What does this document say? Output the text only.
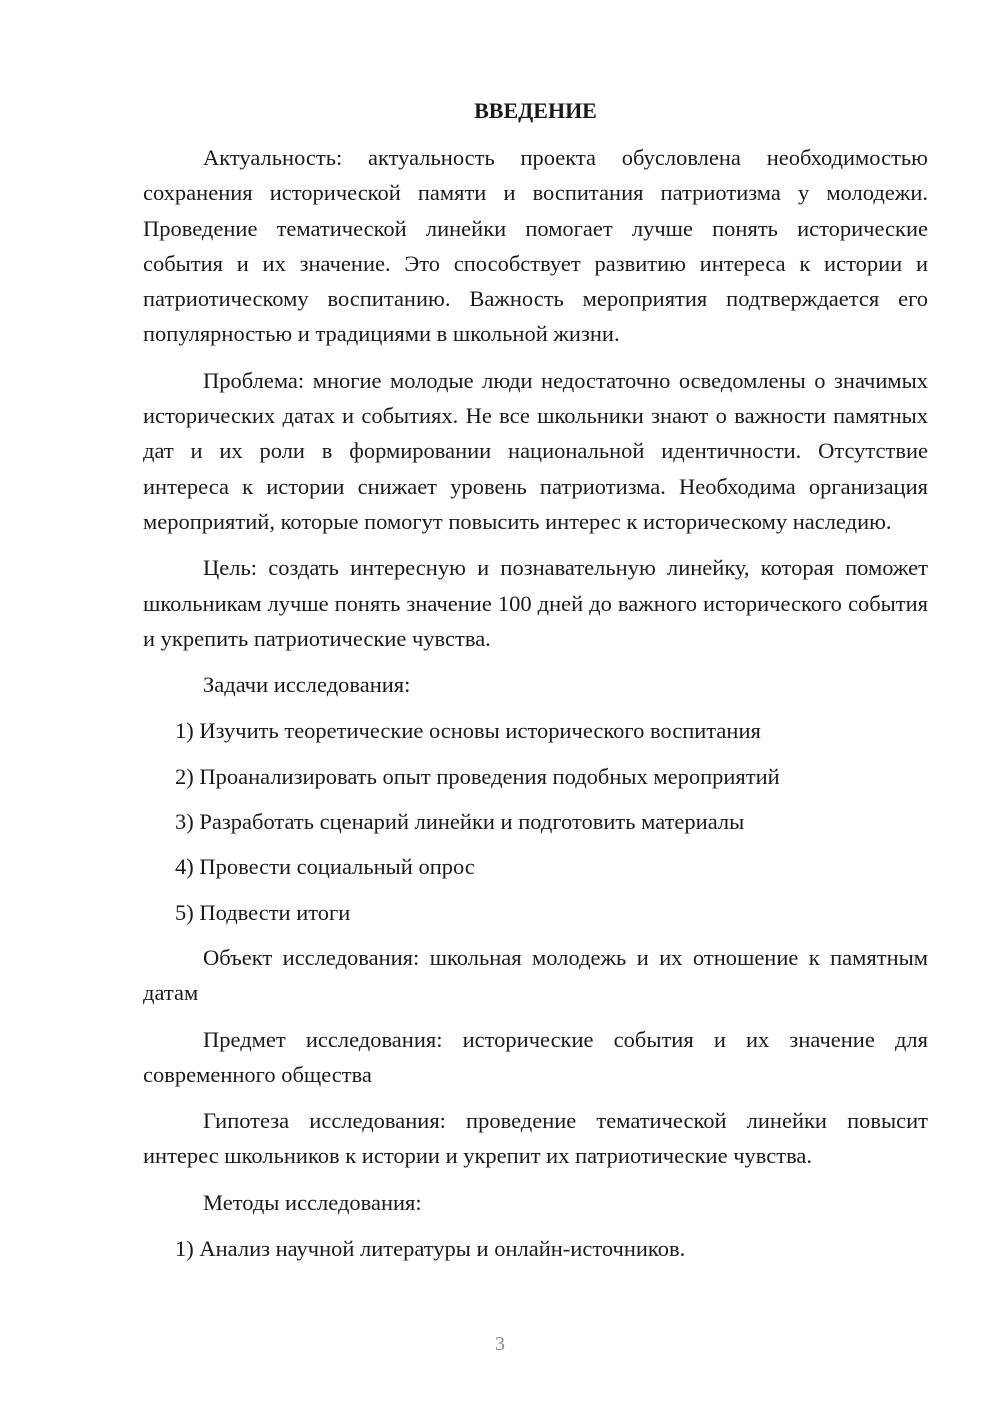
ВВЕДЕНИЕ

Актуальность: актуальность проекта обусловлена необходимостью сохранения исторической памяти и воспитания патриотизма у молодежи. Проведение тематической линейки помогает лучше понять исторические события и их значение. Это способствует развитию интереса к истории и патриотическому воспитанию. Важность мероприятия подтверждается его популярностью и традициями в школьной жизни.

Проблема: многие молодые люди недостаточно осведомлены о значимых исторических датах и событиях. Не все школьники знают о важности памятных дат и их роли в формировании национальной идентичности. Отсутствие интереса к истории снижает уровень патриотизма. Необходима организация мероприятий, которые помогут повысить интерес к историческому наследию.

Цель: создать интересную и познавательную линейку, которая поможет школьникам лучше понять значение 100 дней до важного исторического события и укрепить патриотические чувства.

Задачи исследования:

1) Изучить теоретические основы исторического воспитания

2) Проанализировать опыт проведения подобных мероприятий

3) Разработать сценарий линейки и подготовить материалы

4) Провести социальный опрос

5) Подвести итоги

Объект исследования: школьная молодежь и их отношение к памятным датам

Предмет исследования: исторические события и их значение для современного общества

Гипотеза исследования: проведение тематической линейки повысит интерес школьников к истории и укрепит их патриотические чувства.

Методы исследования:

1) Анализ научной литературы и онлайн-источников.

3
